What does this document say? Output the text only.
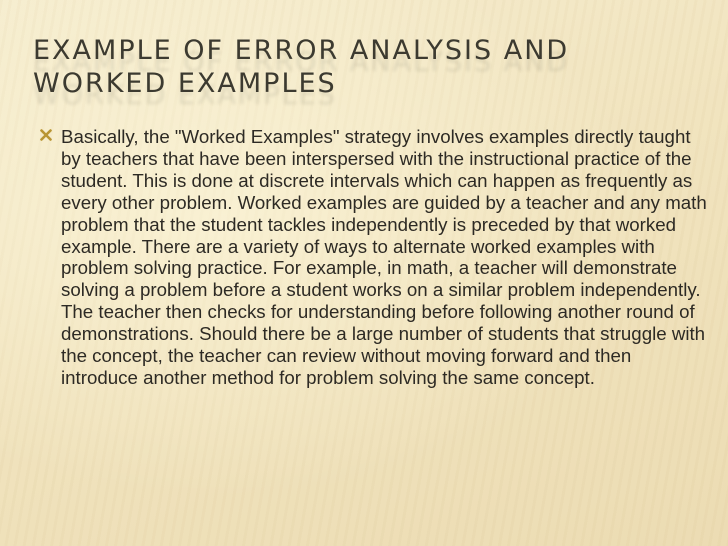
EXAMPLE OF ERROR ANALYSIS AND WORKED EXAMPLES
Basically, the "Worked Examples" strategy involves examples directly taught by teachers that have been interspersed with the instructional practice of the student. This is done at discrete intervals which can happen as frequently as every other problem. Worked examples are guided by a teacher and any math problem that the student tackles independently is preceded by that worked example. There are a variety of ways to alternate worked examples with problem solving practice. For example, in math, a teacher will demonstrate solving a problem before a student works on a similar problem independently. The teacher then checks for understanding before following another round of demonstrations. Should there be a large number of students that struggle with the concept, the teacher can review without moving forward and then introduce another method for problem solving the same concept.
